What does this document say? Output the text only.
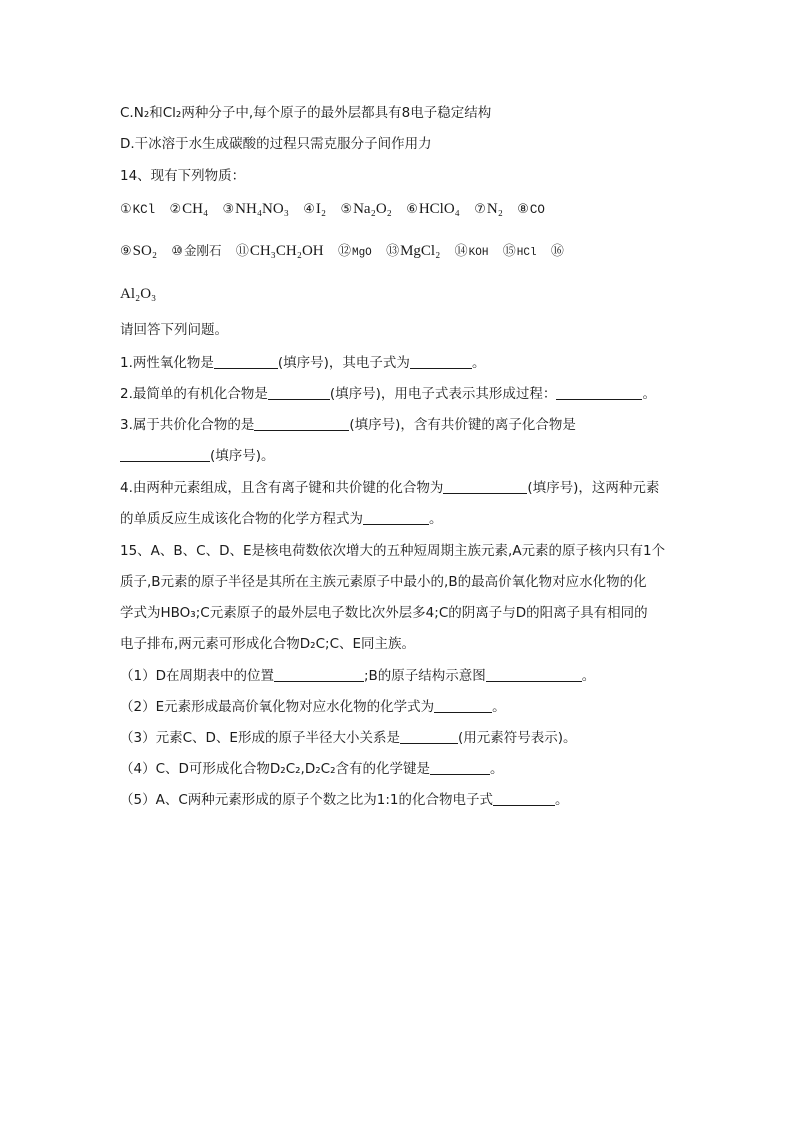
C.N₂和Cl₂两种分子中,每个原子的最外层都具有8电子稳定结构
D.干冰溶于水生成碳酸的过程只需克服分子间作用力
14、现有下列物质：
①KCl ②CH₄ ③NH₄NO₃ ④I₂ ⑤Na₂O₂ ⑥HClO₄ ⑦N₂ ⑧CO
⑨SO₂ ⑩金刚石 ⑪CH₃CH₂OH ⑫MgO ⑬MgCl₂ ⑭KOH ⑮HCl ⑯
Al₂O₃
请回答下列问题。
1.两性氧化物是	(填序号)，其电子式为	。
2.最简单的有机化合物是	(填序号)，用电子式表示其形成过程：	。
3.属于共价化合物的是	(填序号)，含有共价键的离子化合物是
(填序号)。
4.由两种元素组成，且含有离子键和共价键的化合物为	(填序号)，这两种元素
的单质反应生成该化合物的化学方程式为	。
15、A、B、C、D、E是核电荷数依次增大的五种短周期主族元素,A元素的原子核内只有1个
质子,B元素的原子半径是其所在主族元素原子中最小的,B的最高价氧化物对应水化物的化
学式为HBO₃;C元素原子的最外层电子数比次外层多4;C的阴离子与D的阳离子具有相同的
电子排布,两元素可形成化合物D₂C;C、E同主族。
（1）D在周期表中的位置	;B的原子结构示意图	。
（2）E元素形成最高价氧化物对应水化物的化学式为	。
（3）元素C、D、E形成的原子半径大小关系是	(用元素符号表示)。
（4）C、D可形成化合物D₂C₂,D₂C₂含有的化学键是	。
（5）A、C两种元素形成的原子个数之比为1:1的化合物电子式	。
